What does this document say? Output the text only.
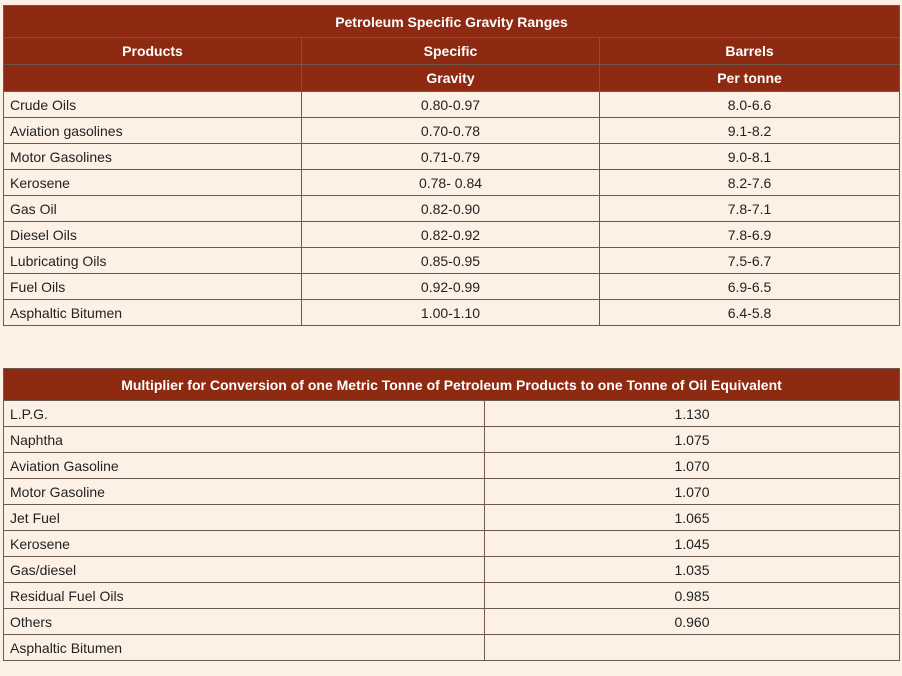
Petroleum Specific Gravity Ranges		
Products	Specific	Barrels
	Gravity	Per tonne
Crude Oils	0.80-0.97	8.0-6.6
Aviation gasolines	0.70-0.78	9.1-8.2
Motor Gasolines	0.71-0.79	9.0-8.1
Kerosene	0.78- 0.84	8.2-7.6
Gas Oil	0.82-0.90	7.8-7.1
Diesel Oils	0.82-0.92	7.8-6.9
Lubricating Oils	0.85-0.95	7.5-6.7
Fuel Oils	0.92-0.99	6.9-6.5
Asphaltic Bitumen	1.00-1.10	6.4-5.8
Multiplier for Conversion of one Metric Tonne of Petroleum Products to one Tonne of Oil Equivalent	
L.P.G.	1.130
Naphtha	1.075
Aviation Gasoline	1.070
Motor Gasoline	1.070
Jet Fuel	1.065
Kerosene	1.045
Gas/diesel	1.035
Residual Fuel Oils	0.985
Others	0.960
Asphaltic Bitumen	
